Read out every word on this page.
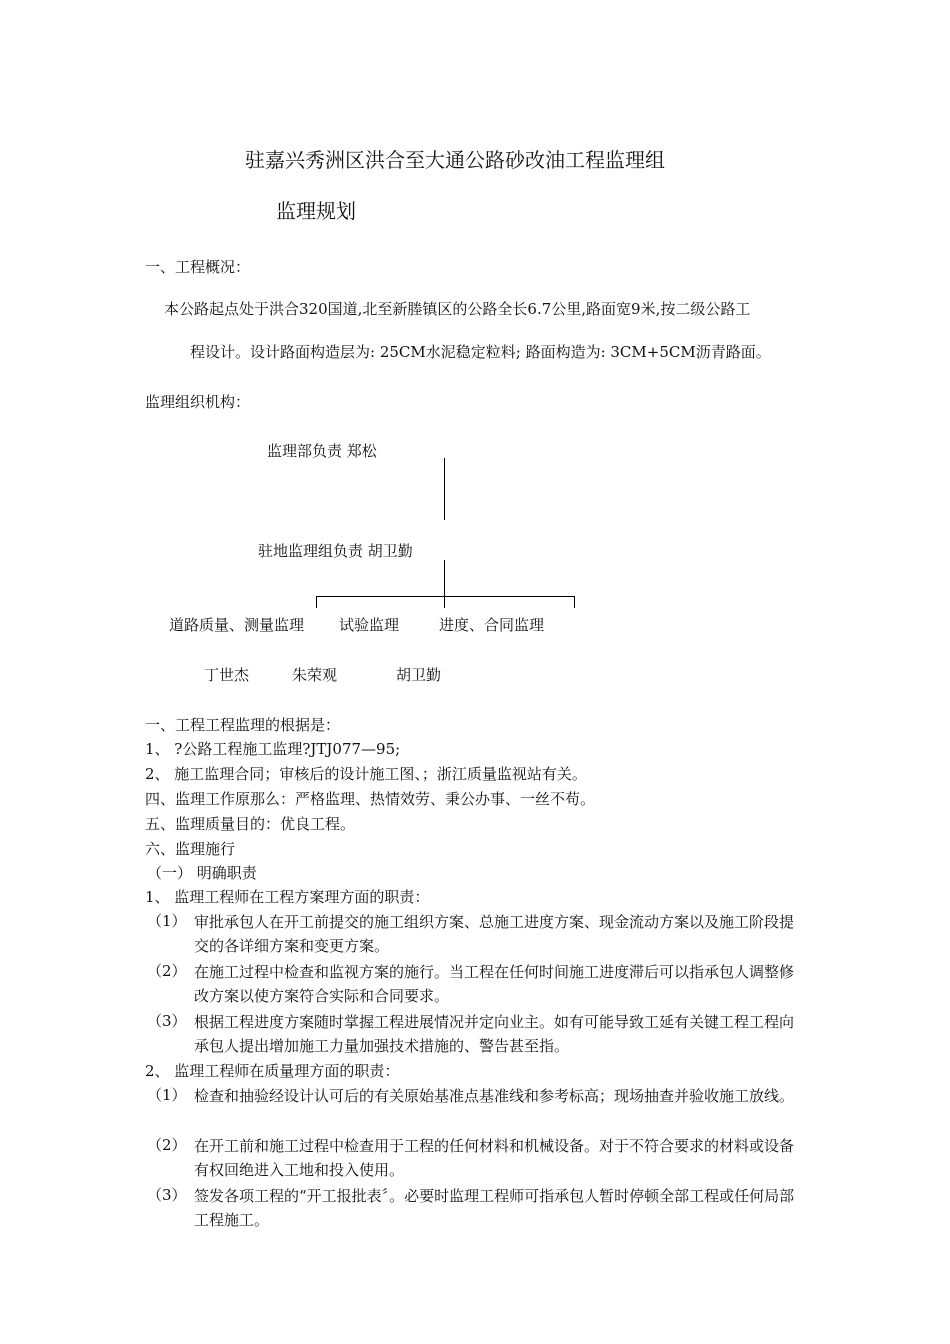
驻嘉兴秀洲区洪合至大通公路砂改油工程监理组
监理规划
一、工程概况：
本公路起点处于洪合320国道,北至新塍镇区的公路全长6.7公里,路面宽9米,按二级公路工
程设计。设计路面构造层为: 25CM水泥稳定粒料; 路面构造为: 3CM+5CM沥青路面。
监理组织机构：
监理部负责 郑松
驻地监理组负责 胡卫勤
道路质量、测量监理 试验监理	进度、合同监理
丁世杰	朱荣观	胡卫勤
一、工程工程监理的根据是：
1、 ?公路工程施工监理?JTJ077—95;
2、 施工监理合同；审核后的设计施工图、；浙江质量监视站有关。
四、监理工作原那么：严格监理、热情效劳、秉公办事、一丝不苟。
五、监理质量目的：优良工程。
六、监理施行
（一） 明确职责
1、 监理工程师在工程方案理方面的职责：
（1） 审批承包人在开工前提交的施工组织方案、总施工进度方案、现金流动方案以及施工阶段提交的各详细方案和变更方案。
（2） 在施工过程中检查和监视方案的施行。当工程在任何时间施工进度滞后可以指承包人调整修改方案以使方案符合实际和合同要求。
（3） 根据工程进度方案随时掌握工程进展情况并定向业主。如有可能导致工延有关键工程工程向承包人提出增加施工力量加强技术措施的、警告甚至指。
2、 监理工程师在质量理方面的职责：
（1） 检查和抽验经设计认可后的有关原始基准点基准线和参考标高；现场抽查并验收施工放线。
（2） 在开工前和施工过程中检查用于工程的任何材料和机械设备。对于不符合要求的材料或设备有权回绝进入工地和投入使用。
（3） 签发各项工程的“开工报批表〞。必要时监理工程师可指承包人暂时停顿全部工程或任何局部工程施工。
